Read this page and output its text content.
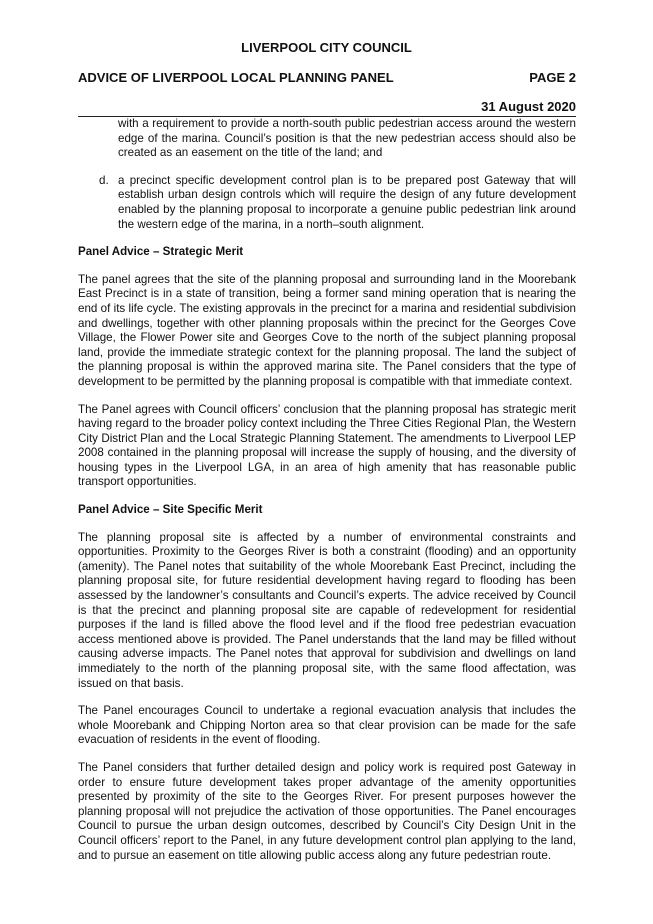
LIVERPOOL CITY COUNCIL
ADVICE OF LIVERPOOL LOCAL PLANNING PANEL	PAGE 2
31 August 2020

with a requirement to provide a north-south public pedestrian access around the western edge of the marina. Council’s position is that the new pedestrian access should also be created as an easement on the title of the land; and

d. a precinct specific development control plan is to be prepared post Gateway that will establish urban design controls which will require the design of any future development enabled by the planning proposal to incorporate a genuine public pedestrian link around the western edge of the marina, in a north–south alignment.
Panel Advice – Strategic Merit

The panel agrees that the site of the planning proposal and surrounding land in the Moorebank East Precinct is in a state of transition, being a former sand mining operation that is nearing the end of its life cycle. The existing approvals in the precinct for a marina and residential subdivision and dwellings, together with other planning proposals within the precinct for the Georges Cove Village, the Flower Power site and Georges Cove to the north of the subject planning proposal land, provide the immediate strategic context for the planning proposal. The land the subject of the planning proposal is within the approved marina site. The Panel considers that the type of development to be permitted by the planning proposal is compatible with that immediate context.

The Panel agrees with Council officers’ conclusion that the planning proposal has strategic merit having regard to the broader policy context including the Three Cities Regional Plan, the Western City District Plan and the Local Strategic Planning Statement. The amendments to Liverpool LEP 2008 contained in the planning proposal will increase the supply of housing, and the diversity of housing types in the Liverpool LGA, in an area of high amenity that has reasonable public transport opportunities.

Panel Advice – Site Specific Merit

The planning proposal site is affected by a number of environmental constraints and opportunities. Proximity to the Georges River is both a constraint (flooding) and an opportunity (amenity). The Panel notes that suitability of the whole Moorebank East Precinct, including the planning proposal site, for future residential development having regard to flooding has been assessed by the landowner’s consultants and Council’s experts. The advice received by Council is that the precinct and planning proposal site are capable of redevelopment for residential purposes if the land is filled above the flood level and if the flood free pedestrian evacuation access mentioned above is provided. The Panel understands that the land may be filled without causing adverse impacts. The Panel notes that approval for subdivision and dwellings on land immediately to the north of the planning proposal site, with the same flood affectation, was issued on that basis.

The Panel encourages Council to undertake a regional evacuation analysis that includes the whole Moorebank and Chipping Norton area so that clear provision can be made for the safe evacuation of residents in the event of flooding.

The Panel considers that further detailed design and policy work is required post Gateway in order to ensure future development takes proper advantage of the amenity opportunities presented by proximity of the site to the Georges River. For present purposes however the planning proposal will not prejudice the activation of those opportunities. The Panel encourages Council to pursue the urban design outcomes, described by Council’s City Design Unit in the Council officers’ report to the Panel, in any future development control plan applying to the land, and to pursue an easement on title allowing public access along any future pedestrian route.
